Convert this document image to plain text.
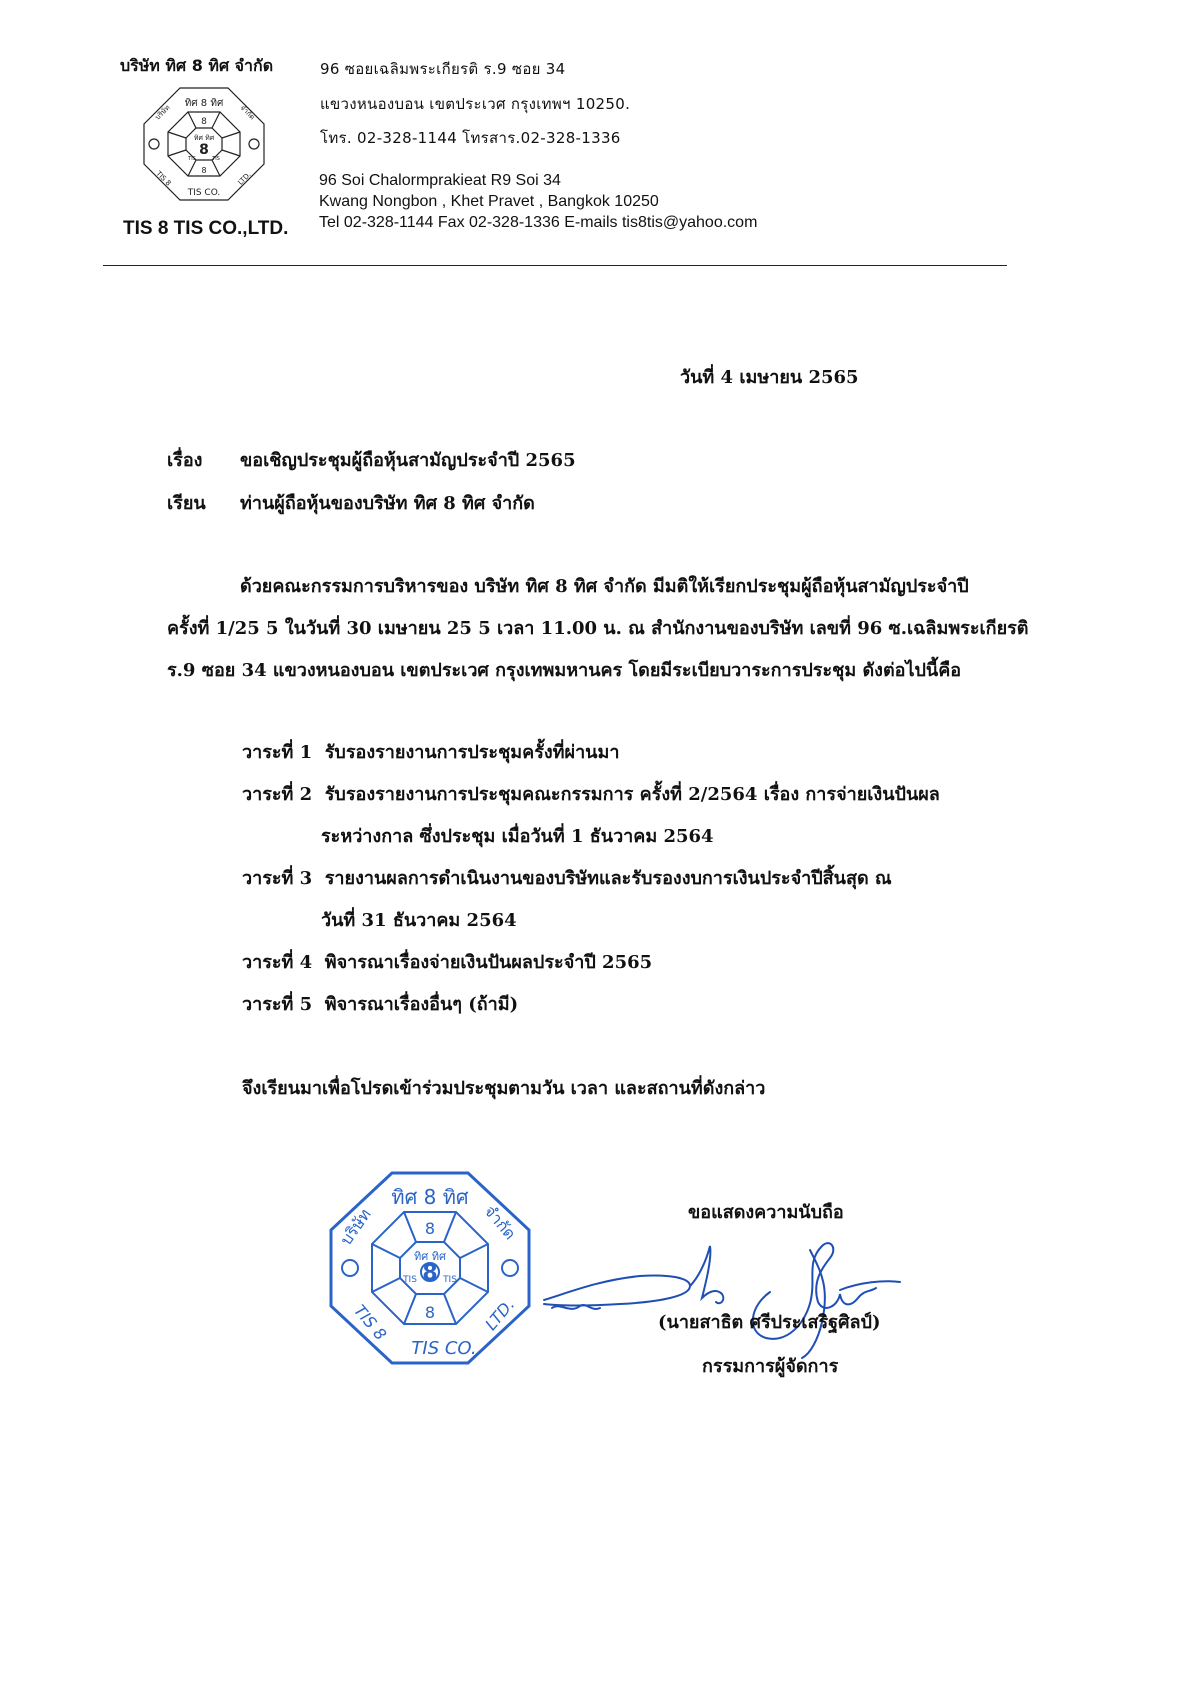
บริษัท ทิศ 8 ทิศ จำกัด
ทิศ 8 ทิศ
8
ทิศ ทิศ
8
TIS	TIS
8
TIS CO.
บริษัท	จำกัด
TIS 8	LTD.
TIS 8 TIS CO.,LTD.
96 ซอยเฉลิมพระเกียรติ ร.9 ซอย 34
แขวงหนองบอน เขตประเวศ กรุงเทพฯ 10250.
โทร. 02-328-1144 โทรสาร.02-328-1336
96 Soi Chalormprakieat R9 Soi 34
Kwang Nongbon , Khet Pravet , Bangkok 10250
Tel 02-328-1144 Fax 02-328-1336 E-mails tis8tis@yahoo.com
วันที่ 4 เมษายน 2565
เรื่อง ขอเชิญประชุมผู้ถือหุ้นสามัญประจำปี 2565
เรียน ท่านผู้ถือหุ้นของบริษัท ทิศ 8 ทิศ จำกัด
ด้วยคณะกรรมการบริหารของ บริษัท ทิศ 8 ทิศ จำกัด มีมติให้เรียกประชุมผู้ถือหุ้นสามัญประจำปี
ครั้งที่ 1/25 5 ในวันที่ 30 เมษายน 25 5 เวลา 11.00 น. ณ สำนักงานของบริษัท เลขที่ 96 ซ.เฉลิมพระเกียรติ
ร.9 ซอย 34 แขวงหนองบอน เขตประเวศ กรุงเทพมหานคร โดยมีระเบียบวาระการประชุม ดังต่อไปนี้คือ
วาระที่ 1 รับรองรายงานการประชุมครั้งที่ผ่านมา
วาระที่ 2 รับรองรายงานการประชุมคณะกรรมการ ครั้งที่ 2/2564 เรื่อง การจ่ายเงินปันผล
ระหว่างกาล ซึ่งประชุม เมื่อวันที่ 1 ธันวาคม 2564
วาระที่ 3 รายงานผลการดำเนินงานของบริษัทและรับรองงบการเงินประจำปีสิ้นสุด ณ
วันที่ 31 ธันวาคม 2564
วาระที่ 4 พิจารณาเรื่องจ่ายเงินปันผลประจำปี 2565
วาระที่ 5 พิจารณาเรื่องอื่นๆ (ถ้ามี)
จึงเรียนมาเพื่อโปรดเข้าร่วมประชุมตามวัน เวลา และสถานที่ดังกล่าว
ทิศ 8 ทิศ
8
ทิศ ทิศ
8
TIS	TIS
8
TIS CO.
บริษัท	จำกัด
TIS 8	LTD.
ขอแสดงความนับถือ
(นายสาธิต ศรีประเสริฐศิลป์)
กรรมการผู้จัดการ
